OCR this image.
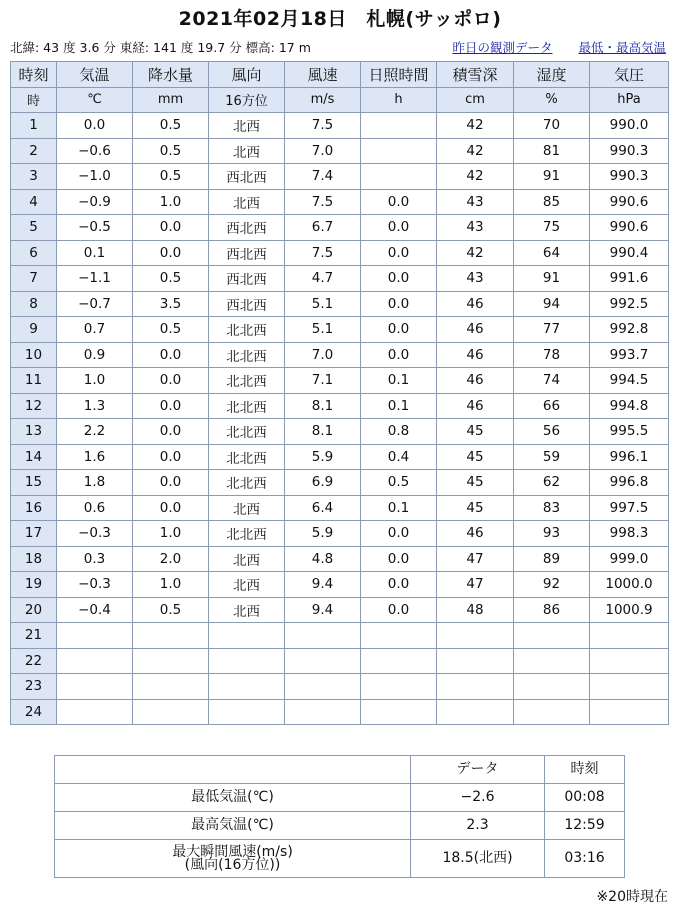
2021年02月18日　札幌(サッポロ)
北緯: 43 度 3.6 分 東経: 141 度 19.7 分 標高: 17 m	昨日の観測データ 最低・最高気温
時刻	気温	降水量	風向	風速	日照時間	積雪深	湿度	気圧
時	℃	mm	16方位	m/s	h	cm	%	hPa
1	0.0	0.5	北西	7.5		42	70	990.0
2	−0.6	0.5	北西	7.0		42	81	990.3
3	−1.0	0.5	西北西	7.4		42	91	990.3
4	−0.9	1.0	北西	7.5	0.0	43	85	990.6
5	−0.5	0.0	西北西	6.7	0.0	43	75	990.6
6	0.1	0.0	西北西	7.5	0.0	42	64	990.4
7	−1.1	0.5	西北西	4.7	0.0	43	91	991.6
8	−0.7	3.5	西北西	5.1	0.0	46	94	992.5
9	0.7	0.5	北北西	5.1	0.0	46	77	992.8
10	0.9	0.0	北北西	7.0	0.0	46	78	993.7
11	1.0	0.0	北北西	7.1	0.1	46	74	994.5
12	1.3	0.0	北北西	8.1	0.1	46	66	994.8
13	2.2	0.0	北北西	8.1	0.8	45	56	995.5
14	1.6	0.0	北北西	5.9	0.4	45	59	996.1
15	1.8	0.0	北北西	6.9	0.5	45	62	996.8
16	0.6	0.0	北西	6.4	0.1	45	83	997.5
17	−0.3	1.0	北北西	5.9	0.0	46	93	998.3
18	0.3	2.0	北西	4.8	0.0	47	89	999.0
19	−0.3	1.0	北西	9.4	0.0	47	92	1000.0
20	−0.4	0.5	北西	9.4	0.0	48	86	1000.9
21								
22								
23								
24								
	データ	時刻
最低気温(℃)	−2.6	00:08
最高気温(℃)	2.3	12:59
最大瞬間風速(m/s)
(風向(16方位))	18.5(北西)	03:16
※20時現在
